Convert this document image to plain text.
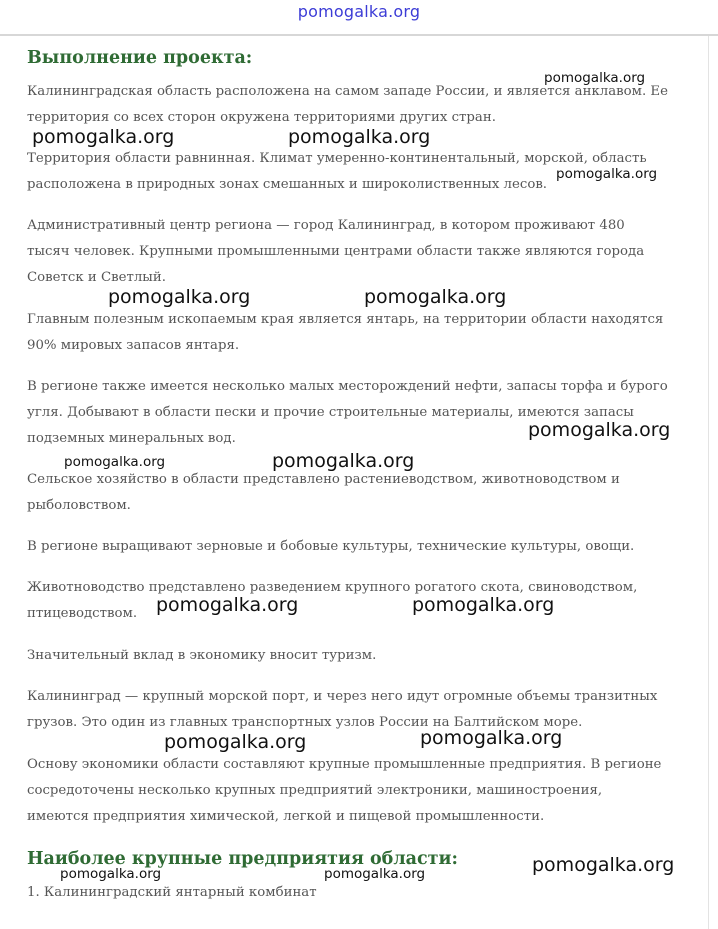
pomogalka.org
Выполнение проекта:

Калининградская область расположена на самом западе России, и является анклавом. Ее
территория со всех сторон окружена территориями других стран.

Территория области равнинная. Климат умеренно-континентальный, морской, область
расположена в природных зонах смешанных и широколиственных лесов.

Административный центр региона — город Калининград, в котором проживают 480
тысяч человек. Крупными промышленными центрами области также являются города
Советск и Светлый.

Главным полезным ископаемым края является янтарь, на территории области находятся
90% мировых запасов янтаря.

В регионе также имеется несколько малых месторождений нефти, запасы торфа и бурого
угля. Добывают в области пески и прочие строительные материалы, имеются запасы
подземных минеральных вод.

Сельское хозяйство в области представлено растениеводством, животноводством и
рыболовством.

В регионе выращивают зерновые и бобовые культуры, технические культуры, овощи.

Животноводство представлено разведением крупного рогатого скота, свиноводством,
птицеводством.

Значительный вклад в экономику вносит туризм.

Калининград — крупный морской порт, и через него идут огромные объемы транзитных
грузов. Это один из главных транспортных узлов России на Балтийском море.

Основу экономики области составляют крупные промышленные предприятия. В регионе
сосредоточены несколько крупных предприятий электроники, машиностроения,
имеются предприятия химической, легкой и пищевой промышленности.

Наиболее крупные предприятия области:

1. Калининградский янтарный комбинат

pomogalka.org
pomogalka.org	pomogalka.org
pomogalka.org
pomogalka.org	pomogalka.org
pomogalka.org
pomogalka.org	pomogalka.org
pomogalka.org	pomogalka.org
pomogalka.org	pomogalka.org
pomogalka.org
pomogalka.org	pomogalka.org
